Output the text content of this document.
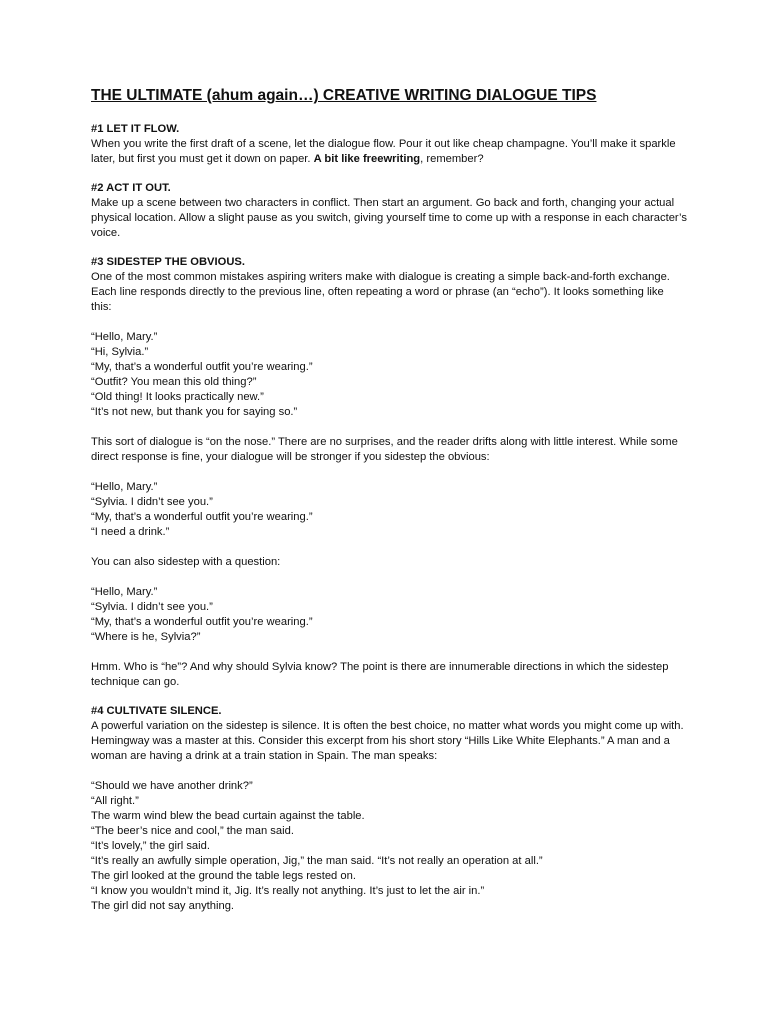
THE ULTIMATE (ahum again…) CREATIVE WRITING DIALOGUE TIPS
#1 LET IT FLOW.
When you write the first draft of a scene, let the dialogue flow. Pour it out like cheap champagne. You’ll make it sparkle later, but first you must get it down on paper. A bit like freewriting, remember?
#2 ACT IT OUT.
Make up a scene between two characters in conflict. Then start an argument. Go back and forth, changing your actual physical location. Allow a slight pause as you switch, giving yourself time to come up with a response in each character’s voice.
#3 SIDESTEP THE OBVIOUS.
One of the most common mistakes aspiring writers make with dialogue is creating a simple back-and-forth exchange. Each line responds directly to the previous line, often repeating a word or phrase (an “echo”). It looks something like this:
“Hello, Mary.”
“Hi, Sylvia.”
“My, that’s a wonderful outfit you’re wearing.”
“Outfit? You mean this old thing?”
“Old thing! It looks practically new.”
“It’s not new, but thank you for saying so.”
This sort of dialogue is “on the nose.” There are no surprises, and the reader drifts along with little interest. While some direct response is fine, your dialogue will be stronger if you sidestep the obvious:
“Hello, Mary.”
“Sylvia. I didn’t see you.”
“My, that’s a wonderful outfit you’re wearing.”
“I need a drink.”
You can also sidestep with a question:
“Hello, Mary.”
“Sylvia. I didn’t see you.”
“My, that’s a wonderful outfit you’re wearing.”
“Where is he, Sylvia?”
Hmm. Who is “he”? And why should Sylvia know? The point is there are innumerable directions in which the sidestep technique can go.
#4 CULTIVATE SILENCE.
A powerful variation on the sidestep is silence. It is often the best choice, no matter what words you might come up with. Hemingway was a master at this. Consider this excerpt from his short story “Hills Like White Elephants.” A man and a woman are having a drink at a train station in Spain. The man speaks:
“Should we have another drink?”
“All right.”
The warm wind blew the bead curtain against the table.
“The beer’s nice and cool,” the man said.
“It’s lovely,” the girl said.
“It’s really an awfully simple operation, Jig,” the man said. “It’s not really an operation at all.”
The girl looked at the ground the table legs rested on.
“I know you wouldn’t mind it, Jig. It’s really not anything. It’s just to let the air in.”
The girl did not say anything.
